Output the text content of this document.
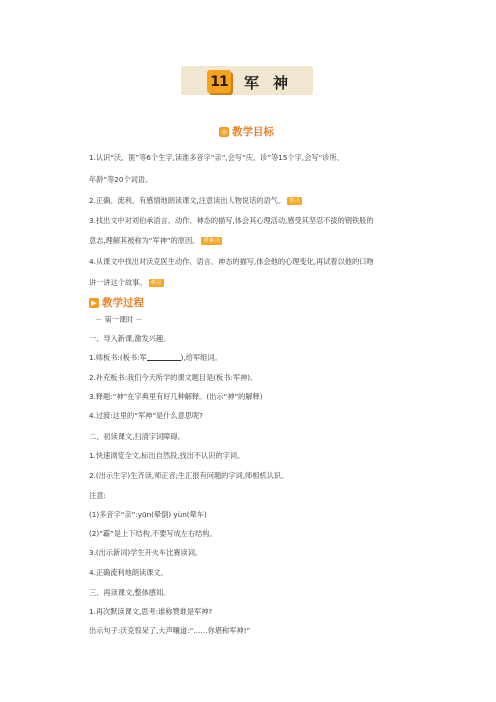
11 军神
◎ 教学目标
1.认识“沃、匪”等6个生字,读准多音字“亲”,会写“庆、诊”等15个字,会写“诊所、
年龄”等20个词语。
2.正确、流利、有感情地朗读课文,注意读出人物说话的语气。 重点
3.找出文中对刘伯承语言、动作、神态的描写,体会其心理活动,感受其坚忍不拔的钢铁般的
意志,理解其被称为“军神”的原因。 重难点
4.从课文中找出对沃克医生动作、语言、神态的描写,体会他的心理变化,再试着以他的口吻
讲一讲这个故事。 难点
▶ 教学过程
－ 第一课时 －
一、导入新课,激发兴趣。
1.师板书:(板书:军	),给军组词。
2.补充板书:我们今天所学的课文题目是(板书:军神)。
3.释题:“神”在字典里有好几种解释。(出示“神”的解释)
4.过渡:这里的“军神”是什么意思呢?
二、初读课文,扫清字词障碍。
1.快速浏览全文,标出自然段,找出不认识的字词。
2.(出示生字)生齐读,师正音;生汇报有问题的字词,师相机认识。
注意:
(1)多音字“亲”:yūn(晕倒) yùn(晕车)
(2)“霸”是上下结构,不要写成左右结构。
3.(出示新词)学生开火车比赛读词。
4.正确流利地朗读课文。
三、再读课文,整体感知。
1.再次默读课文,思考:谁称赞谁是军神?
出示句子:沃克惊呆了,大声嚷道:“……你堪称军神!”
